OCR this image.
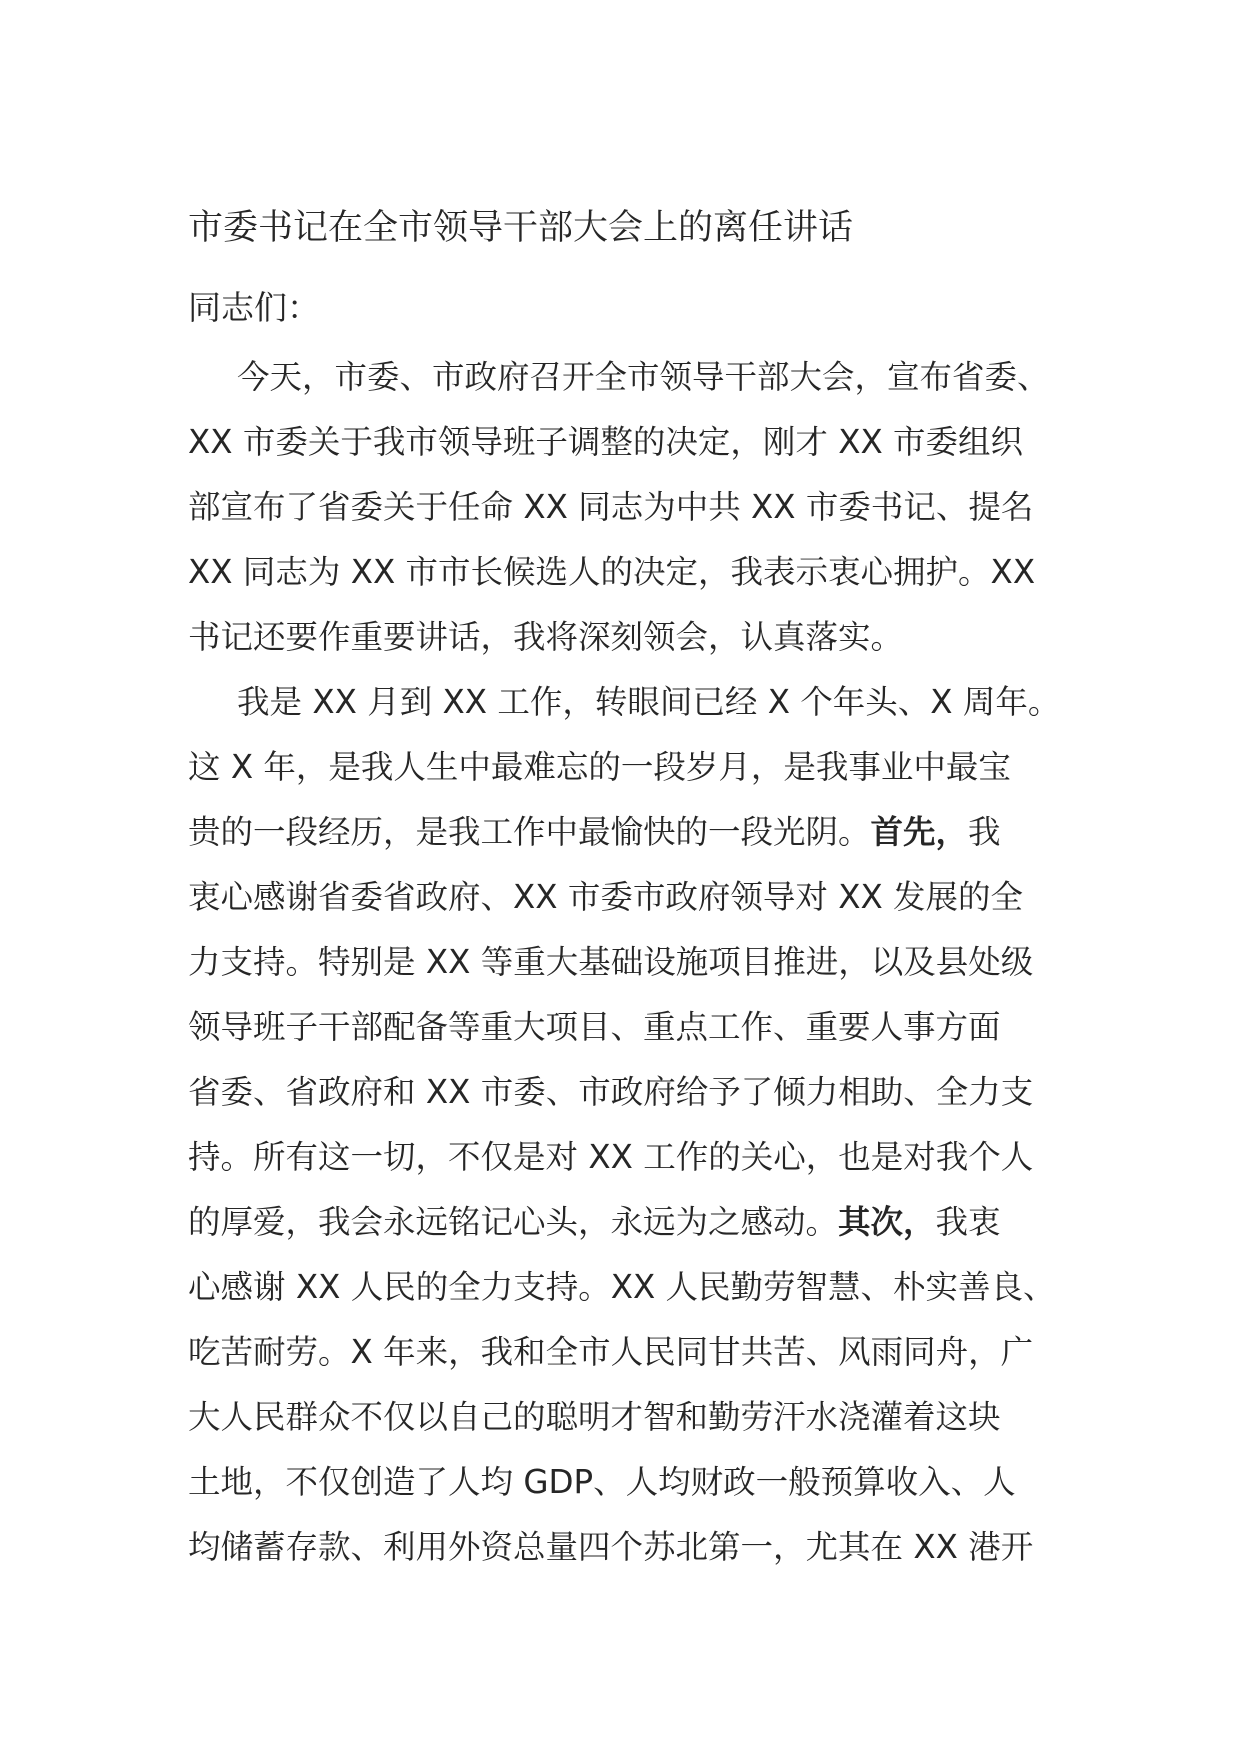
市委书记在全市领导干部大会上的离任讲话

同志们：

今天，市委、市政府召开全市领导干部大会，宣布省委、
XX 市委关于我市领导班子调整的决定，刚才 XX 市委组织
部宣布了省委关于任命 XX 同志为中共 XX 市委书记、提名
XX 同志为 XX 市市长候选人的决定，我表示衷心拥护。XX
书记还要作重要讲话，我将深刻领会，认真落实。
我是 XX 月到 XX 工作，转眼间已经 X 个年头、X 周年。
这 X 年，是我人生中最难忘的一段岁月，是我事业中最宝
贵的一段经历，是我工作中最愉快的一段光阴。首先，我
衷心感谢省委省政府、XX 市委市政府领导对 XX 发展的全
力支持。特别是 XX 等重大基础设施项目推进，以及县处级
领导班子干部配备等重大项目、重点工作、重要人事方面
省委、省政府和 XX 市委、市政府给予了倾力相助、全力支
持。所有这一切，不仅是对 XX 工作的关心，也是对我个人
的厚爱，我会永远铭记心头，永远为之感动。其次，我衷
心感谢 XX 人民的全力支持。XX 人民勤劳智慧、朴实善良、
吃苦耐劳。X 年来，我和全市人民同甘共苦、风雨同舟，广
大人民群众不仅以自己的聪明才智和勤劳汗水浇灌着这块
土地，不仅创造了人均 GDP、人均财政一般预算收入、人
均储蓄存款、利用外资总量四个苏北第一，尤其在 XX 港开
